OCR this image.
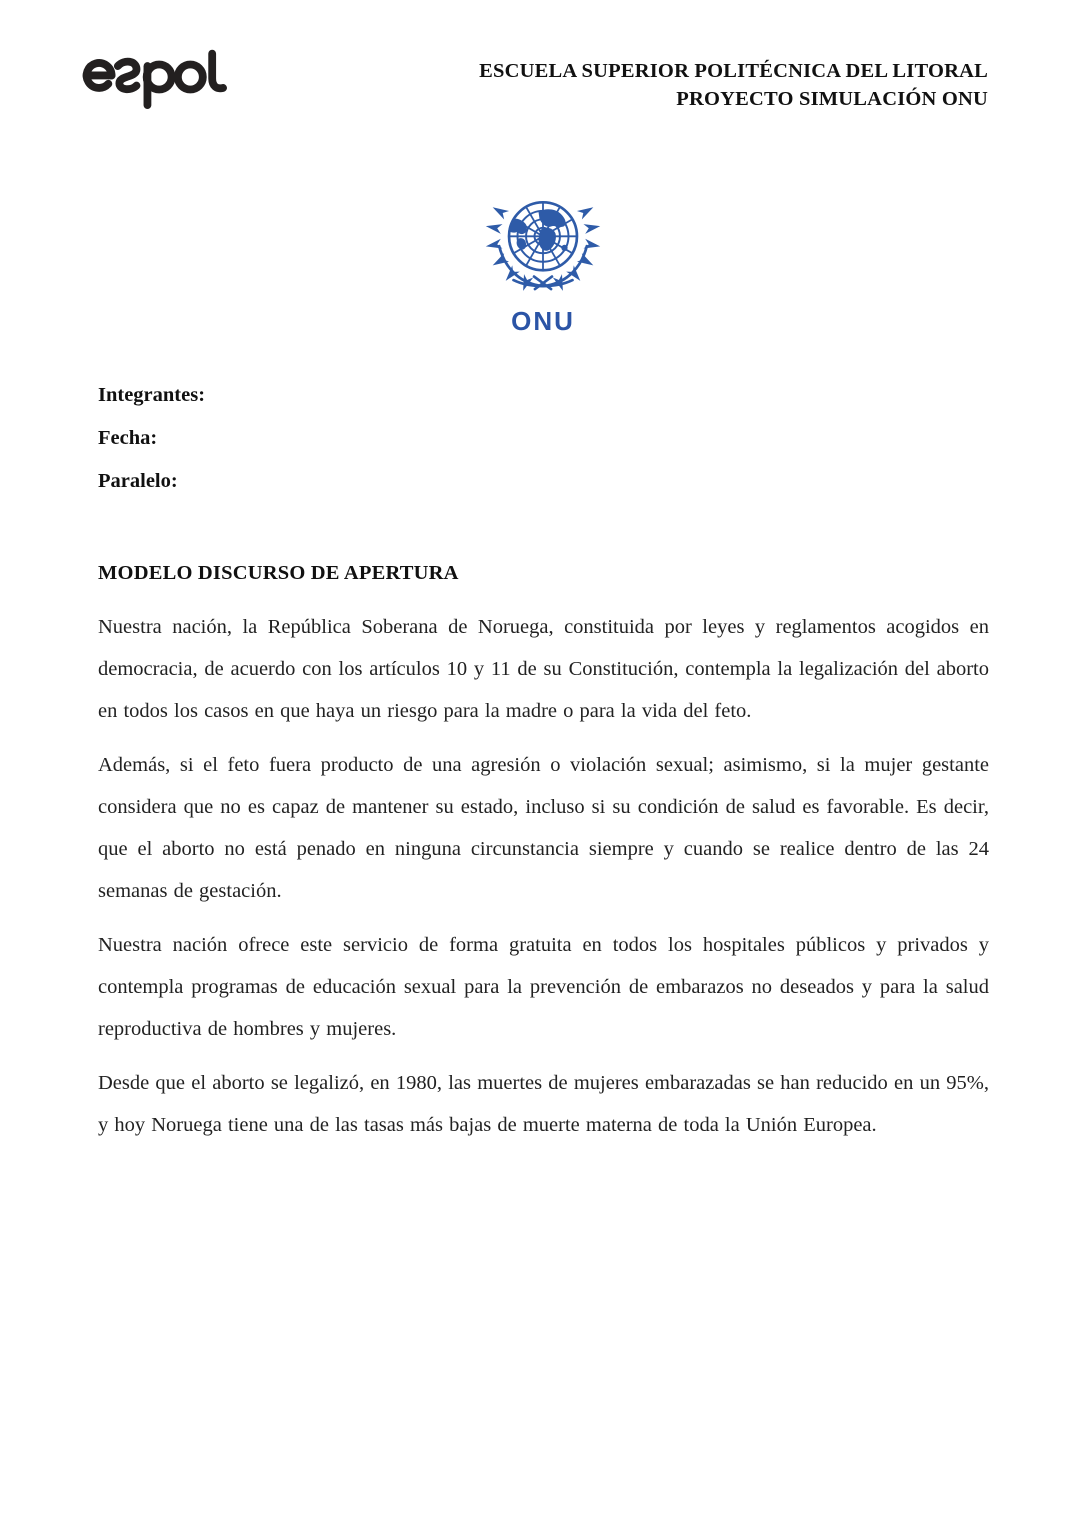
ESCUELA SUPERIOR POLITÉCNICA DEL LITORAL
PROYECTO SIMULACIÓN ONU
ONU
Integrantes:
Fecha:
Paralelo:
MODELO DISCURSO DE APERTURA

Nuestra nación, la República Soberana de Noruega, constituida por leyes y reglamentos acogidos en democracia, de acuerdo con los artículos 10 y 11 de su Constitución, contempla la legalización del aborto en todos los casos en que haya un riesgo para la madre o para la vida del feto.

Además, si el feto fuera producto de una agresión o violación sexual; asimismo, si la mujer gestante considera que no es capaz de mantener su estado, incluso si su condición de salud es favorable. Es decir, que el aborto no está penado en ninguna circunstancia siempre y cuando se realice dentro de las 24 semanas de gestación.

Nuestra nación ofrece este servicio de forma gratuita en todos los hospitales públicos y privados y contempla programas de educación sexual para la prevención de embarazos no deseados y para la salud reproductiva de hombres y mujeres.

Desde que el aborto se legalizó, en 1980, las muertes de mujeres embarazadas se han reducido en un 95%, y hoy Noruega tiene una de las tasas más bajas de muerte materna de toda la Unión Europea.
